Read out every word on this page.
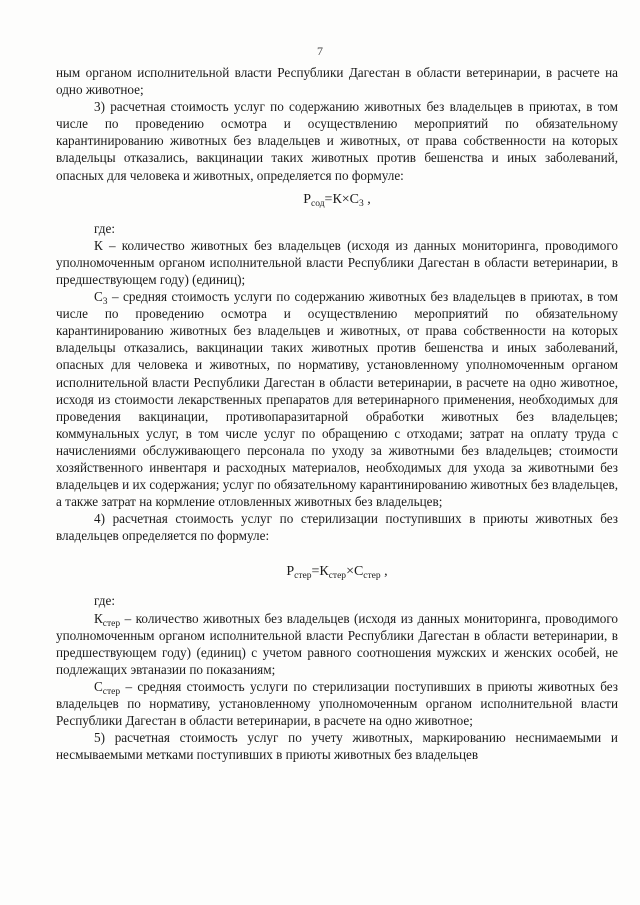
7

ным органом исполнительной власти Республики Дагестан в области ветеринарии, в расчете на одно животное;

3) расчетная стоимость услуг по содержанию животных без владельцев в приютах, в том числе по проведению осмотра и осуществлению мероприятий по обязательному карантинированию животных без владельцев и животных, от права собственности на которых владельцы отказались, вакцинации таких животных против бешенства и иных заболеваний, опасных для человека и животных, определяется по формуле:

$Р_{сод}=К\times С_3$ ,

где:

К – количество животных без владельцев (исходя из данных мониторинга, проводимого уполномоченным органом исполнительной власти Республики Дагестан в области ветеринарии, в предшествующем году) (единиц);

$С_3$ – средняя стоимость услуги по содержанию животных без владельцев в приютах, в том числе по проведению осмотра и осуществлению мероприятий по обязательному карантинированию животных без владельцев и животных, от права собственности на которых владельцы отказались, вакцинации таких животных против бешенства и иных заболеваний, опасных для человека и животных, по нормативу, установленному уполномоченным органом исполнительной власти Республики Дагестан в области ветеринарии, в расчете на одно животное, исходя из стоимости лекарственных препаратов для ветеринарного применения, необходимых для проведения вакцинации, противопаразитарной обработки животных без владельцев; коммунальных услуг, в том числе услуг по обращению с отходами; затрат на оплату труда с начислениями обслуживающего персонала по уходу за животными без владельцев; стоимости хозяйственного инвентаря и расходных материалов, необходимых для ухода за животными без владельцев и их содержания; услуг по обязательному карантинированию животных без владельцев, а также затрат на кормление отловленных животных без владельцев;

4) расчетная стоимость услуг по стерилизации поступивших в приюты животных без владельцев определяется по формуле:

$Р_{стер}=К_{стер}\times С_{стер}$ ,

где:

$К_{стер}$ – количество животных без владельцев (исходя из данных мониторинга, проводимого уполномоченным органом исполнительной власти Республики Дагестан в области ветеринарии, в предшествующем году) (единиц) с учетом равного соотношения мужских и женских особей, не подлежащих эвтаназии по показаниям;

$С_{стер}$ – средняя стоимость услуги по стерилизации поступивших в приюты животных без владельцев по нормативу, установленному уполномоченным органом исполнительной власти Республики Дагестан в области ветеринарии, в расчете на одно животное;

5) расчетная стоимость услуг по учету животных, маркированию неснимаемыми и несмываемыми метками поступивших в приюты животных без владельцев
